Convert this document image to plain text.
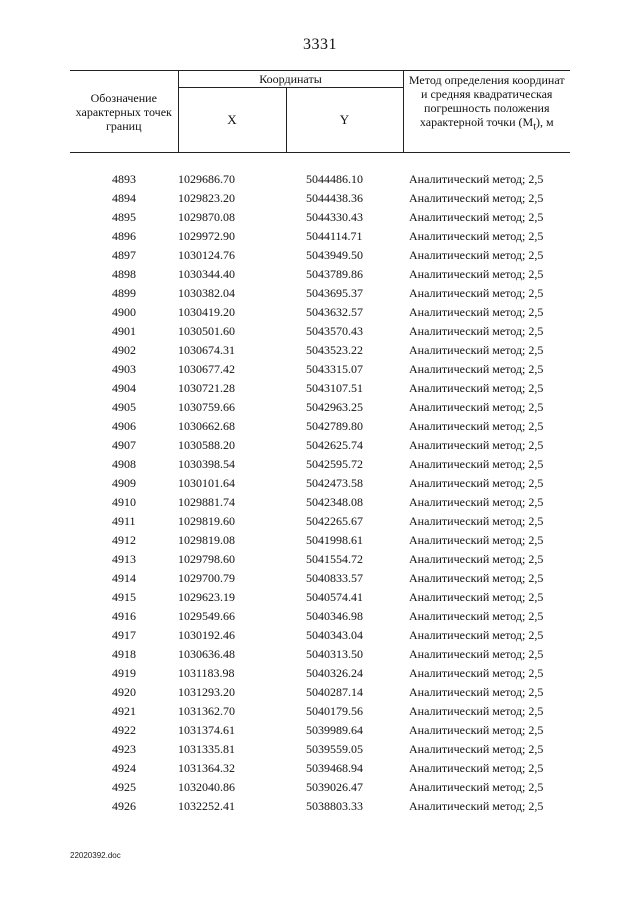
3331
Обозначение характерных точек границ	Координаты		Метод определения координат и средняя квадратическая погрешность положения характерной точки $(M_t)$, м
	X	Y	

4893	1029686.70	5044486.10	Аналитический метод; 2,5
4894	1029823.20	5044438.36	Аналитический метод; 2,5
4895	1029870.08	5044330.43	Аналитический метод; 2,5
4896	1029972.90	5044114.71	Аналитический метод; 2,5
4897	1030124.76	5043949.50	Аналитический метод; 2,5
4898	1030344.40	5043789.86	Аналитический метод; 2,5
4899	1030382.04	5043695.37	Аналитический метод; 2,5
4900	1030419.20	5043632.57	Аналитический метод; 2,5
4901	1030501.60	5043570.43	Аналитический метод; 2,5
4902	1030674.31	5043523.22	Аналитический метод; 2,5
4903	1030677.42	5043315.07	Аналитический метод; 2,5
4904	1030721.28	5043107.51	Аналитический метод; 2,5
4905	1030759.66	5042963.25	Аналитический метод; 2,5
4906	1030662.68	5042789.80	Аналитический метод; 2,5
4907	1030588.20	5042625.74	Аналитический метод; 2,5
4908	1030398.54	5042595.72	Аналитический метод; 2,5
4909	1030101.64	5042473.58	Аналитический метод; 2,5
4910	1029881.74	5042348.08	Аналитический метод; 2,5
4911	1029819.60	5042265.67	Аналитический метод; 2,5
4912	1029819.08	5041998.61	Аналитический метод; 2,5
4913	1029798.60	5041554.72	Аналитический метод; 2,5
4914	1029700.79	5040833.57	Аналитический метод; 2,5
4915	1029623.19	5040574.41	Аналитический метод; 2,5
4916	1029549.66	5040346.98	Аналитический метод; 2,5
4917	1030192.46	5040343.04	Аналитический метод; 2,5
4918	1030636.48	5040313.50	Аналитический метод; 2,5
4919	1031183.98	5040326.24	Аналитический метод; 2,5
4920	1031293.20	5040287.14	Аналитический метод; 2,5
4921	1031362.70	5040179.56	Аналитический метод; 2,5
4922	1031374.61	5039989.64	Аналитический метод; 2,5
4923	1031335.81	5039559.05	Аналитический метод; 2,5
4924	1031364.32	5039468.94	Аналитический метод; 2,5
4925	1032040.86	5039026.47	Аналитический метод; 2,5
4926	1032252.41	5038803.33	Аналитический метод; 2,5
22020392.doc
